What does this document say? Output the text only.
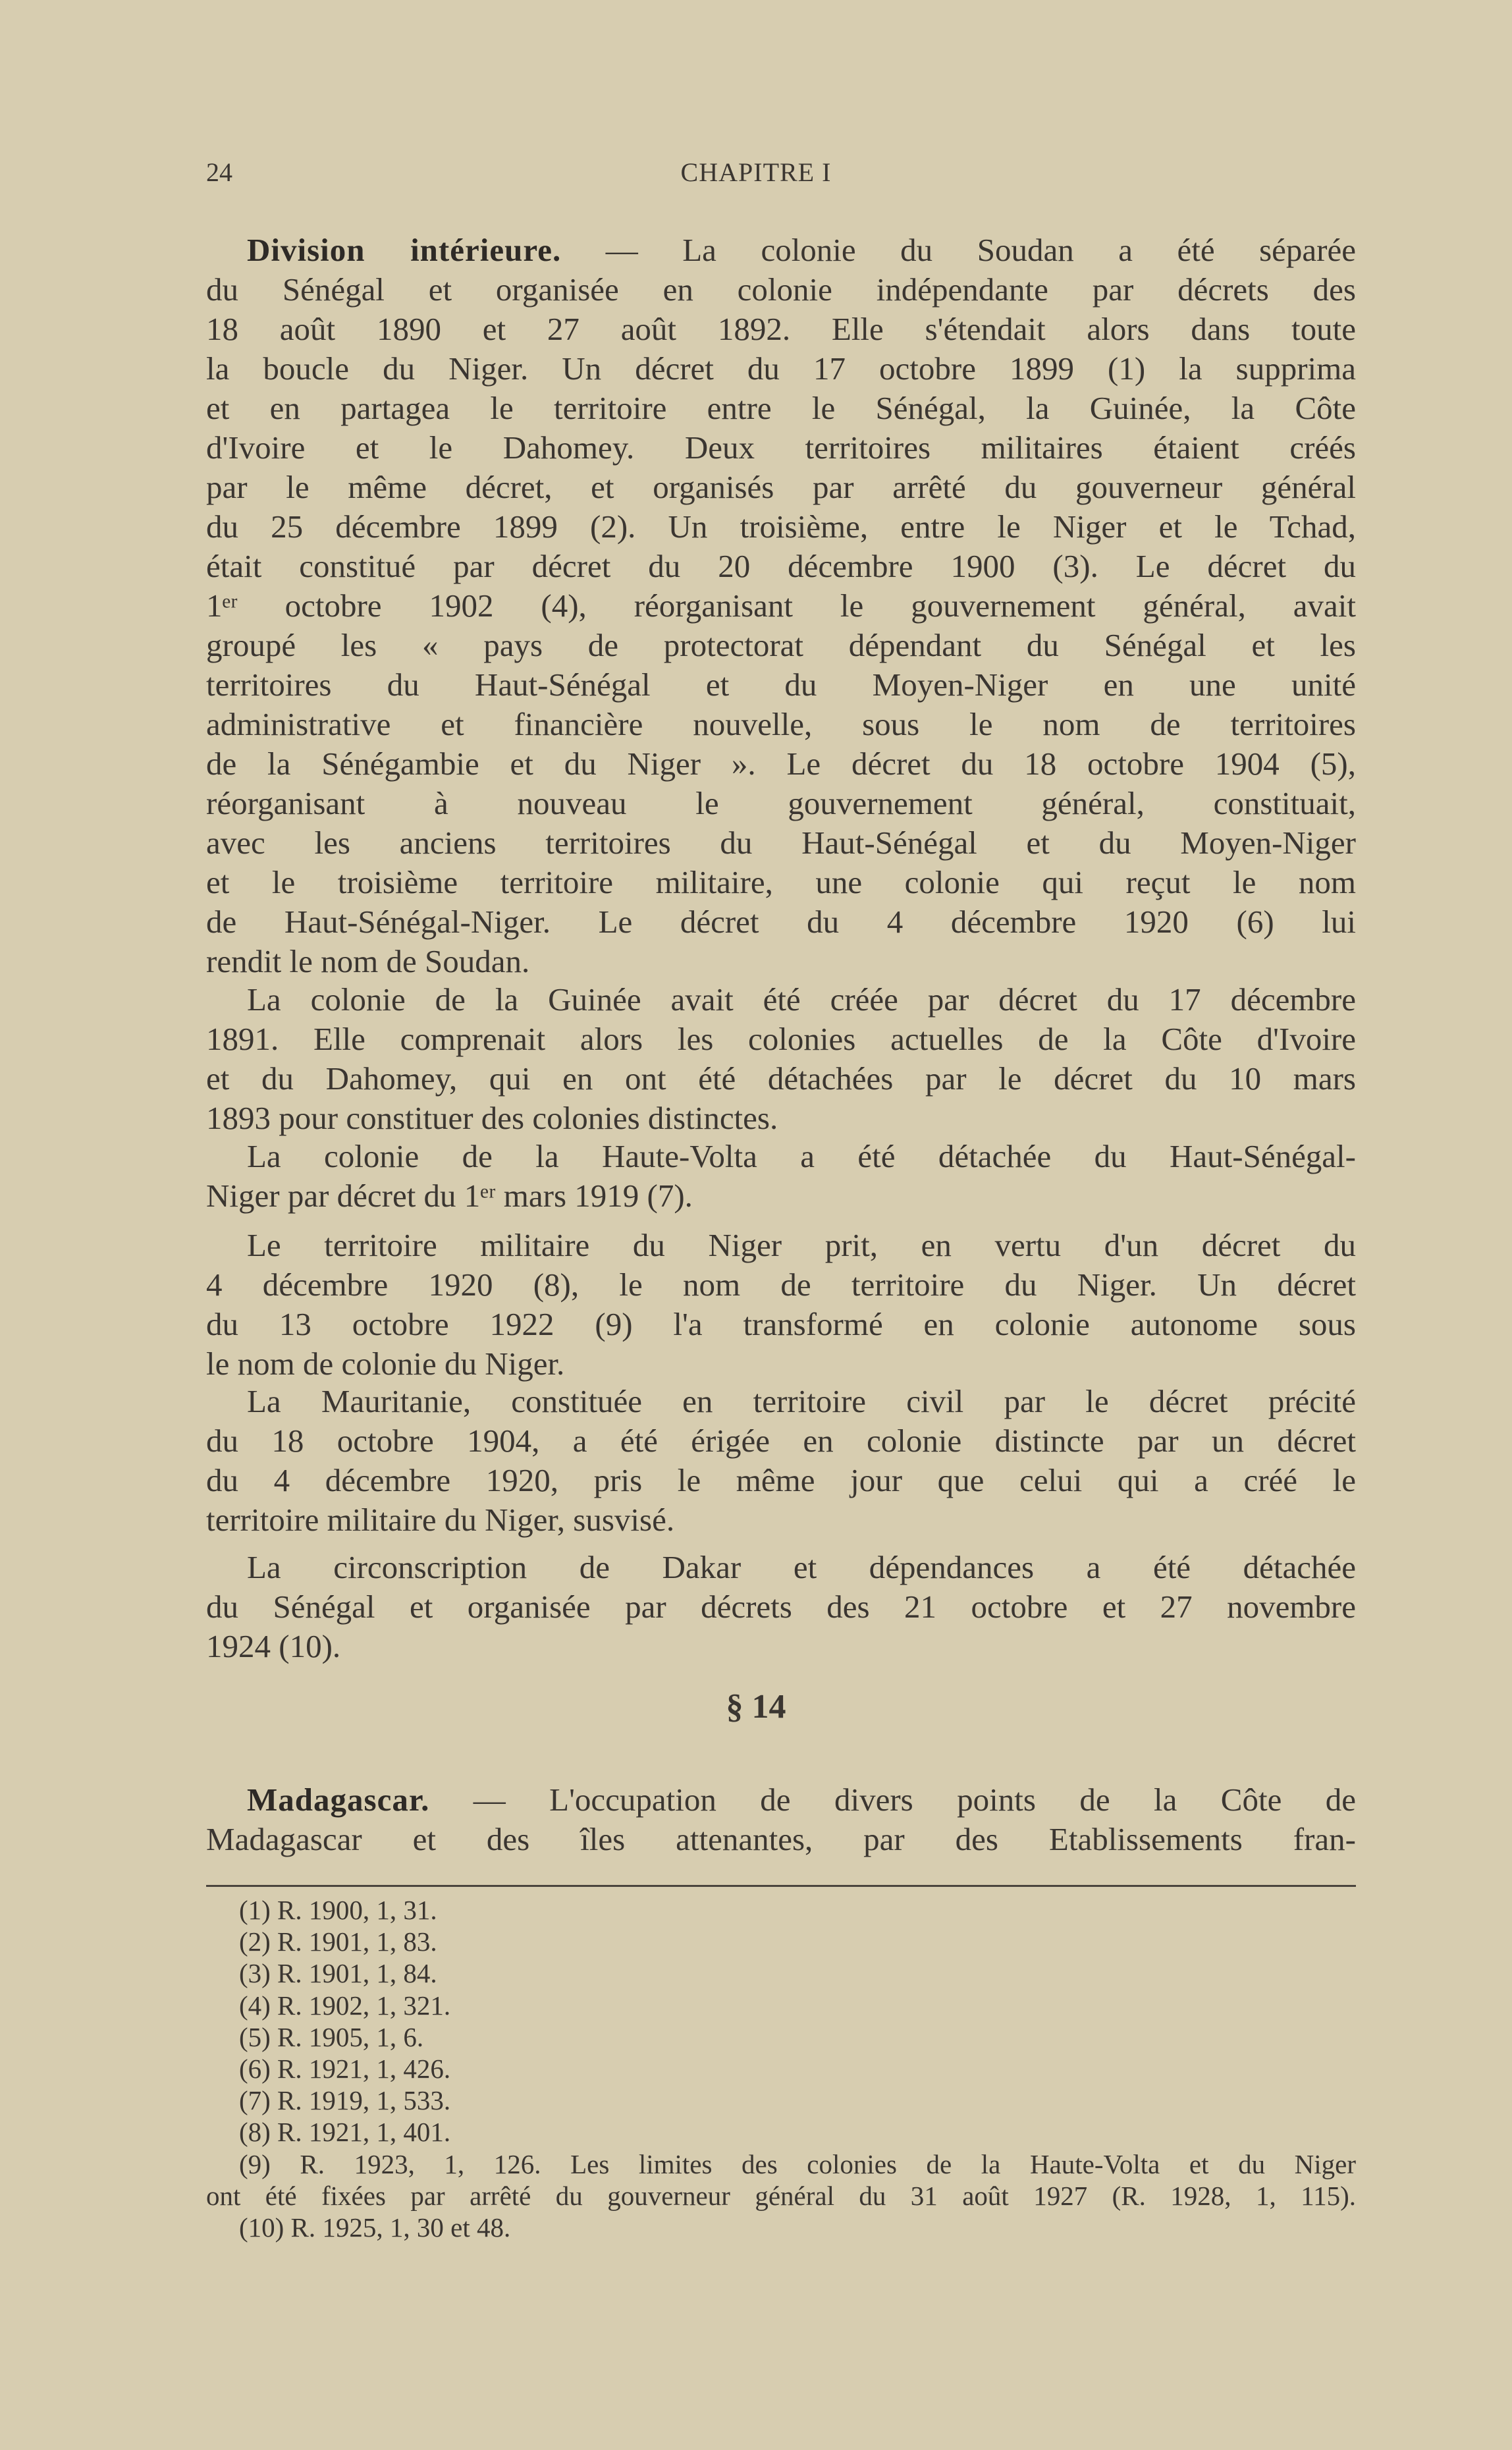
24	CHAPITRE I
Division intérieure. — La colonie du Soudan a été séparée
du Sénégal et organisée en colonie indépendante par décrets des
18 août 1890 et 27 août 1892. Elle s'étendait alors dans toute
la boucle du Niger. Un décret du 17 octobre 1899 (1) la supprima
et en partagea le territoire entre le Sénégal, la Guinée, la Côte
d'Ivoire et le Dahomey. Deux territoires militaires étaient créés
par le même décret, et organisés par arrêté du gouverneur général
du 25 décembre 1899 (2). Un troisième, entre le Niger et le Tchad,
était constitué par décret du 20 décembre 1900 (3). Le décret du
1ᵉʳ octobre 1902 (4), réorganisant le gouvernement général, avait
groupé les « pays de protectorat dépendant du Sénégal et les
territoires du Haut-Sénégal et du Moyen-Niger en une unité
administrative et financière nouvelle, sous le nom de territoires
de la Sénégambie et du Niger ». Le décret du 18 octobre 1904 (5),
réorganisant à nouveau le gouvernement général, constituait,
avec les anciens territoires du Haut-Sénégal et du Moyen-Niger
et le troisième territoire militaire, une colonie qui reçut le nom
de Haut-Sénégal-Niger. Le décret du 4 décembre 1920 (6) lui
rendit le nom de Soudan.
La colonie de la Guinée avait été créée par décret du 17 décembre
1891. Elle comprenait alors les colonies actuelles de la Côte d'Ivoire
et du Dahomey, qui en ont été détachées par le décret du 10 mars
1893 pour constituer des colonies distinctes.
La colonie de la Haute-Volta a été détachée du Haut-Sénégal-
Niger par décret du 1ᵉʳ mars 1919 (7).
Le territoire militaire du Niger prit, en vertu d'un décret du
4 décembre 1920 (8), le nom de territoire du Niger. Un décret
du 13 octobre 1922 (9) l'a transformé en colonie autonome sous
le nom de colonie du Niger.
La Mauritanie, constituée en territoire civil par le décret précité
du 18 octobre 1904, a été érigée en colonie distincte par un décret
du 4 décembre 1920, pris le même jour que celui qui a créé le
territoire militaire du Niger, susvisé.
La circonscription de Dakar et dépendances a été détachée
du Sénégal et organisée par décrets des 21 octobre et 27 novembre
1924 (10).
Madagascar. — L'occupation de divers points de la Côte de
Madagascar et des îles attenantes, par des Etablissements fran-
§ 14
(1) R. 1900, 1, 31.
(2) R. 1901, 1, 83.
(3) R. 1901, 1, 84.
(4) R. 1902, 1, 321.
(5) R. 1905, 1, 6.
(6) R. 1921, 1, 426.
(7) R. 1919, 1, 533.
(8) R. 1921, 1, 401.
(9) R. 1923, 1, 126. Les limites des colonies de la Haute-Volta et du Niger
ont été fixées par arrêté du gouverneur général du 31 août 1927 (R. 1928, 1, 115).
(10) R. 1925, 1, 30 et 48.
